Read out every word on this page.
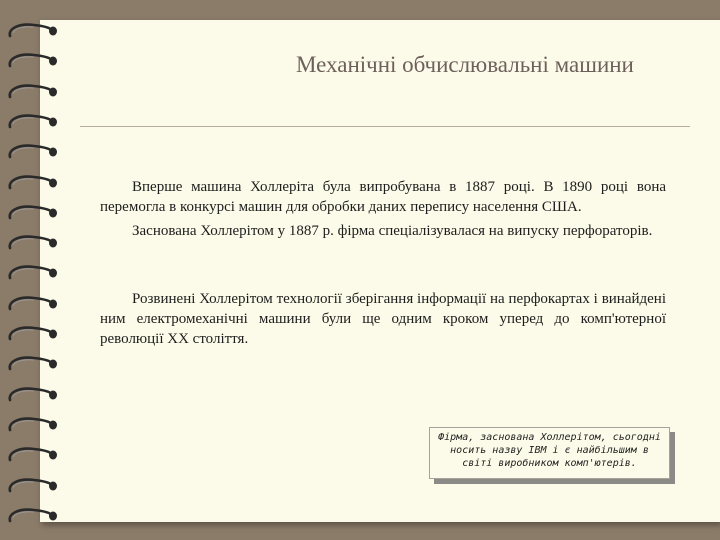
Механічні обчислювальні машини

Вперше машина Холлеріта була випробувана в 1887 році. В 1890 році вона перемогла в конкурсі машин для обробки даних перепису населення США.

Заснована Холлерітом у 1887 р. фірма спеціалізувалася на випуску перфораторів.

Розвинені Холлерітом технології зберігання інформації на перфокартах і винайдені ним електромеханічні машини були ще одним кроком уперед до комп'ютерної революції XX століття.

Фірма, заснована Холлерітом, сьогодні носить назву IBM і є найбільшим в світі виробником комп'ютерів.
